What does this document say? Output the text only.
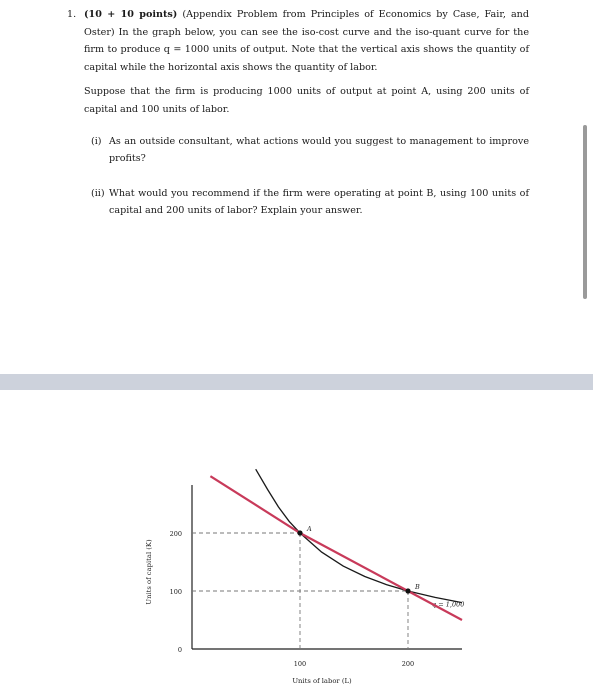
1. (10 + 10 points) (Appendix Problem from Principles of Economics by Case, Fair, and Oster) In the graph below, you can see the iso-cost curve and the iso-quant curve for the firm to produce q = 1000 units of output. Note that the vertical axis shows the quantity of capital while the horizontal axis shows the quantity of labor.
Suppose that the firm is producing 1000 units of output at point A, using 200 units of capital and 100 units of labor.
(i) As an outside consultant, what actions would you suggest to management to improve profits?
(ii) What would you recommend if the firm were operating at point B, using 100 units of capital and 200 units of labor? Explain your answer.
0
100
200
100	200
q = 1,000
A
B
Units of labor (L)
Units of capital (K)
